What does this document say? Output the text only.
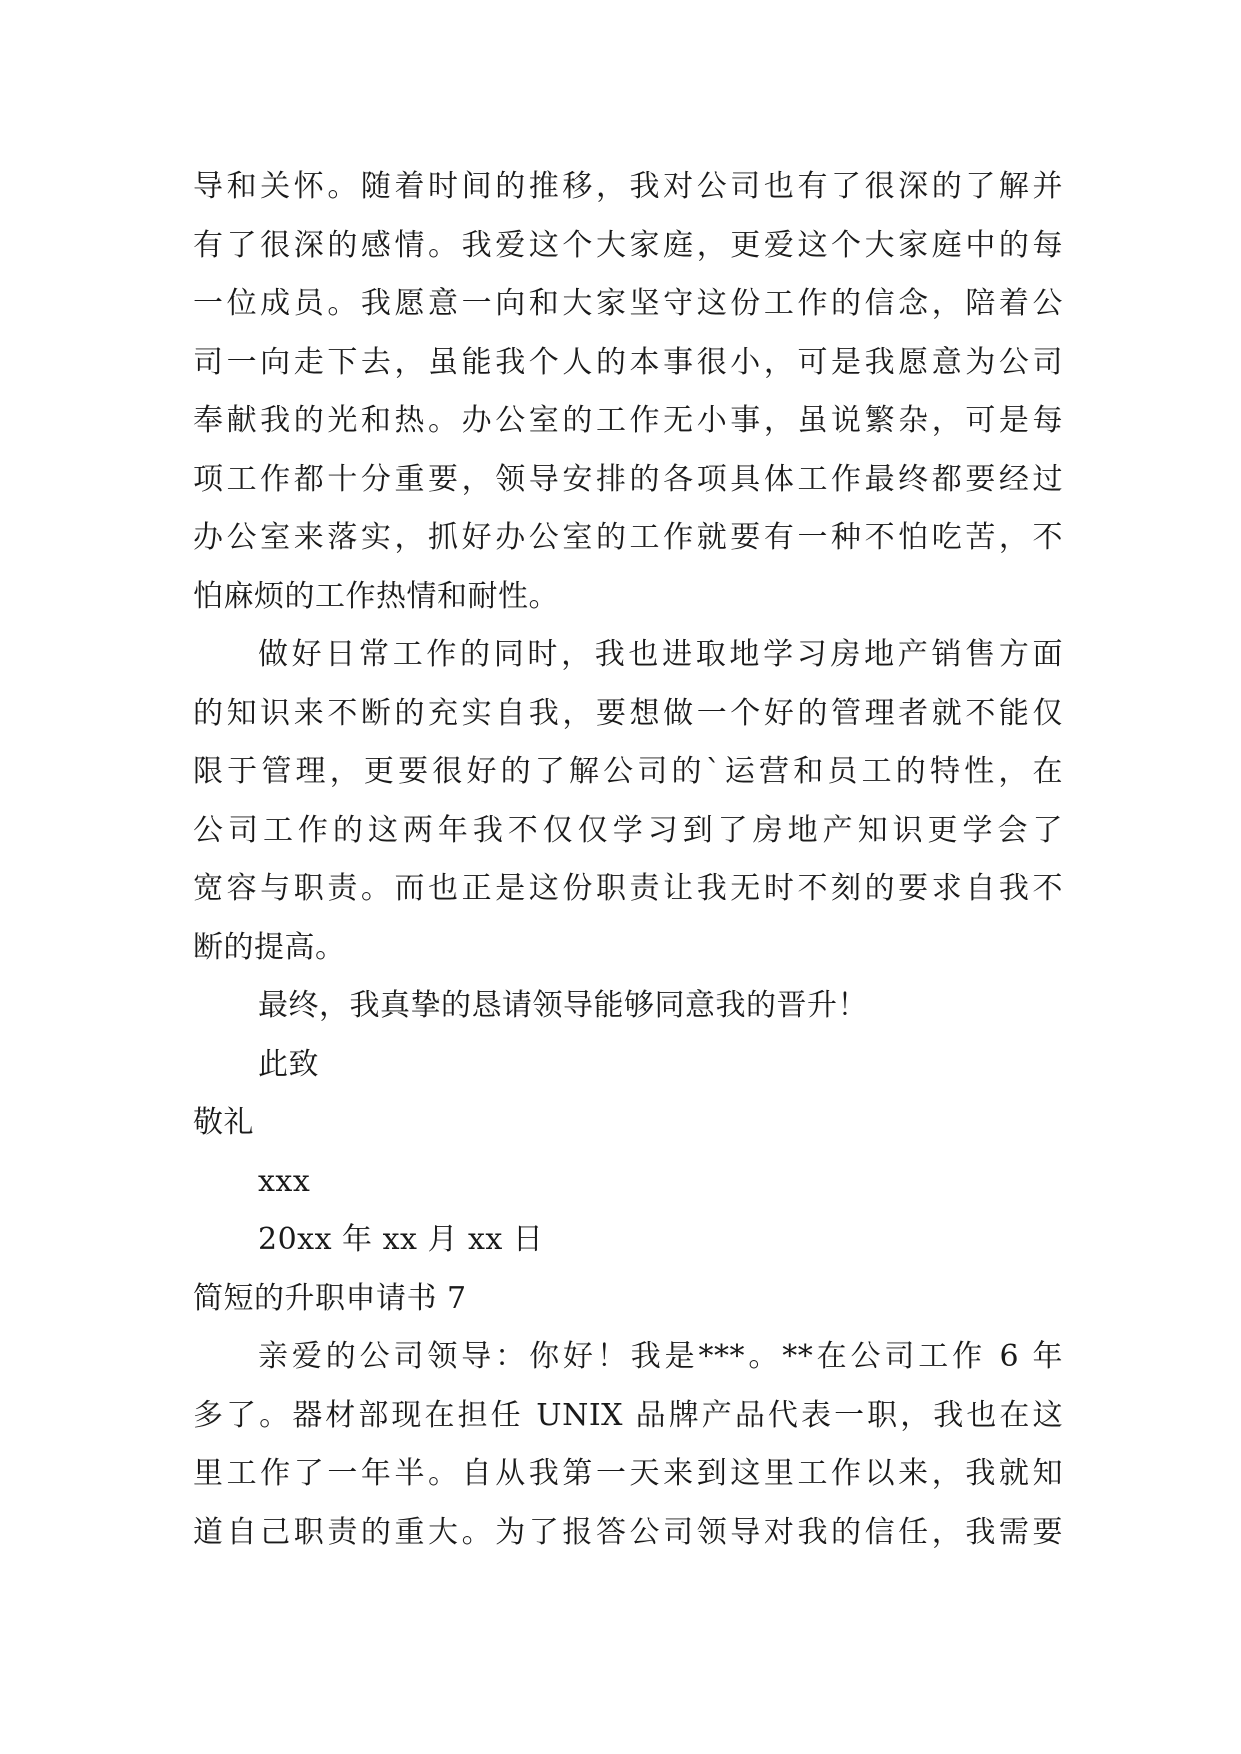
导和关怀。随着时间的推移，我对公司也有了很深的了解并
有了很深的感情。我爱这个大家庭，更爱这个大家庭中的每
一位成员。我愿意一向和大家坚守这份工作的信念，陪着公
司一向走下去，虽能我个人的本事很小，可是我愿意为公司
奉献我的光和热。办公室的工作无小事，虽说繁杂，可是每
项工作都十分重要，领导安排的各项具体工作最终都要经过
办公室来落实，抓好办公室的工作就要有一种不怕吃苦，不
怕麻烦的工作热情和耐性。
做好日常工作的同时，我也进取地学习房地产销售方面
的知识来不断的充实自我，要想做一个好的管理者就不能仅
限于管理，更要很好的了解公司的`运营和员工的特性，在
公司工作的这两年我不仅仅学习到了房地产知识更学会了
宽容与职责。而也正是这份职责让我无时不刻的要求自我不
断的提高。
最终，我真挚的恳请领导能够同意我的晋升！
此致
敬礼
xxx
20xx 年 xx 月 xx 日
简短的升职申请书 7
亲爱的公司领导：你好！我是***。**在公司工作 6 年
多了。器材部现在担任 UNIX 品牌产品代表一职，我也在这
里工作了一年半。自从我第一天来到这里工作以来，我就知
道自己职责的重大。为了报答公司领导对我的信任，我需要
